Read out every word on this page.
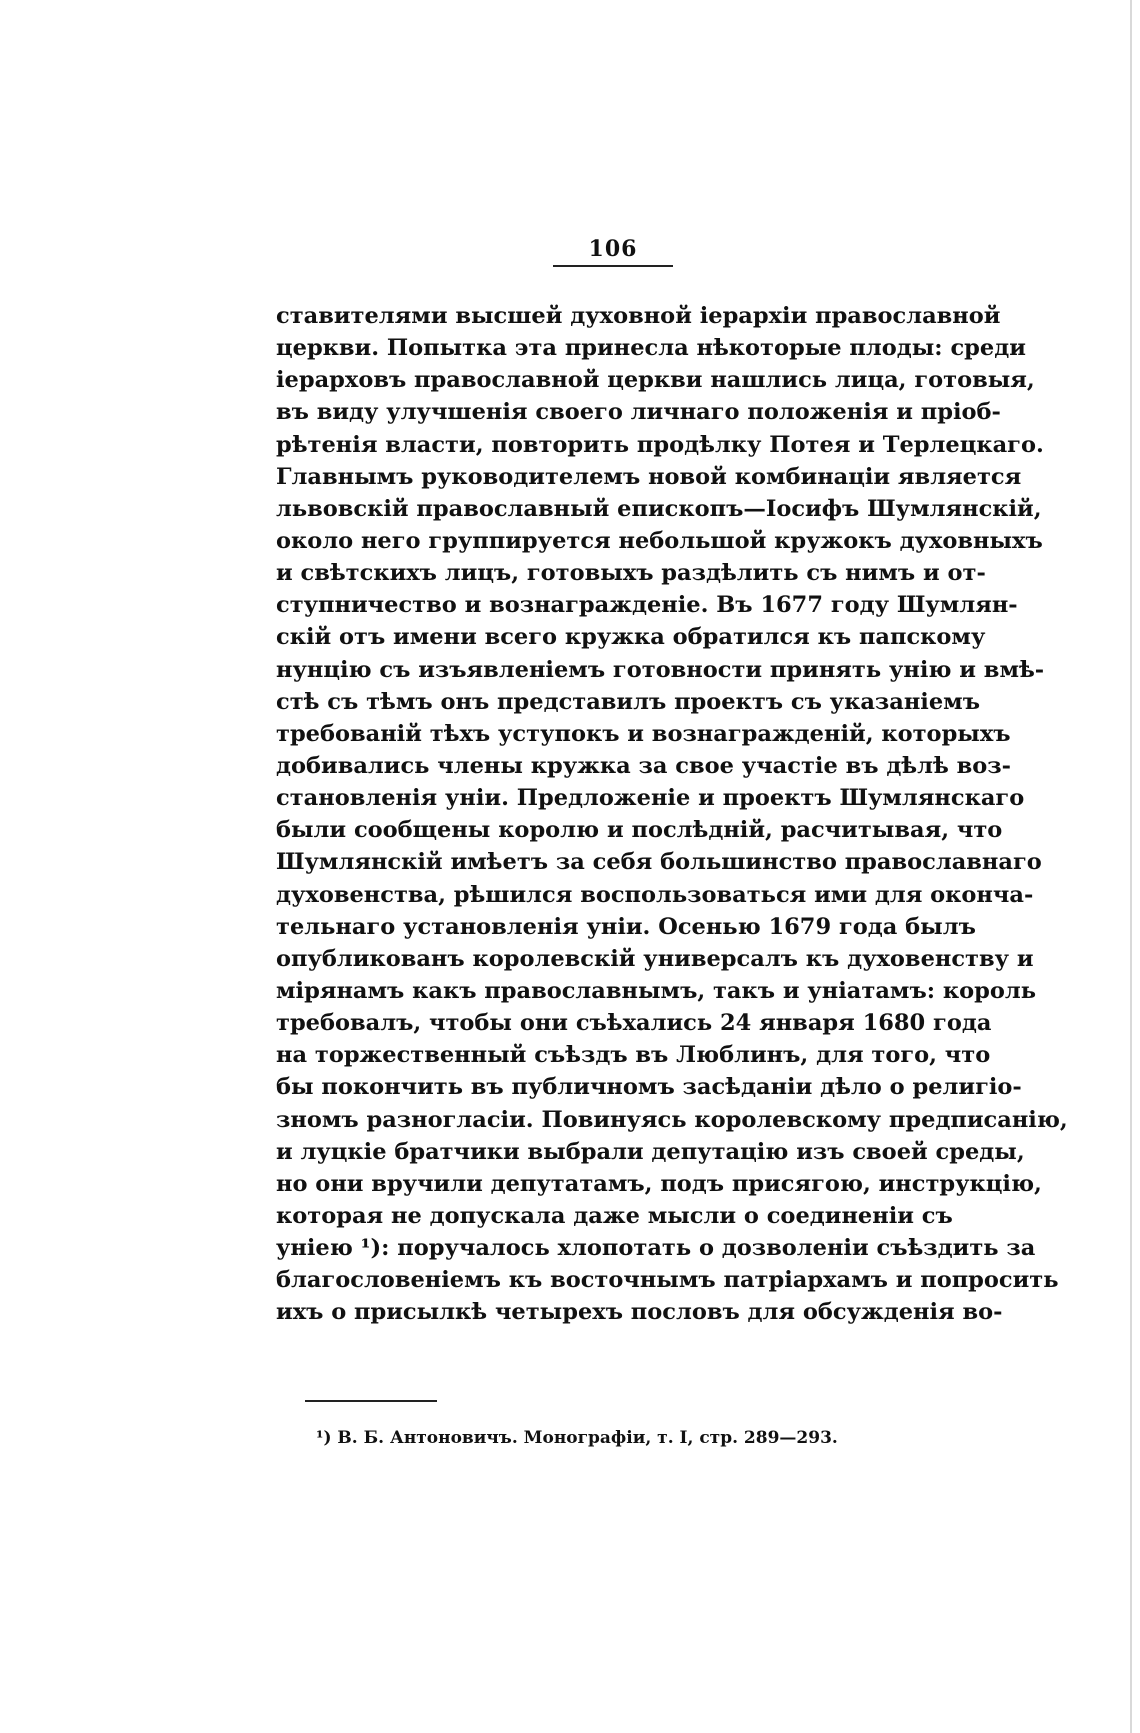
106
ставителями высшей духовной іерархіи православной
церкви. Попытка эта принесла нѣкоторые плоды: среди
іерарховъ православной церкви нашлись лица, готовыя,
въ виду улучшенія своего личнаго положенія и пріоб-
рѣтенія власти, повторить продѣлку Потея и Терлецкаго.
Главнымъ руководителемъ новой комбинаціи является
львовскій православный епископъ—Іосифъ Шумлянскій,
около него группируется небольшой кружокъ духовныхъ
и свѣтскихъ лицъ, готовыхъ раздѣлить съ нимъ и от-
ступничество и вознагражденіе. Въ 1677 году Шумлян-
скій отъ имени всего кружка обратился къ папскому
нунцію съ изъявленіемъ готовности принять унію и вмѣ-
стѣ съ тѣмъ онъ представилъ проектъ съ указаніемъ
требованій тѣхъ уступокъ и вознагражденій, которыхъ
добивались члены кружка за свое участіе въ дѣлѣ воз-
становленія уніи. Предложеніе и проектъ Шумлянскаго
были сообщены королю и послѣдній, расчитывая, что
Шумлянскій имѣетъ за себя большинство православнаго
духовенства, рѣшился воспользоваться ими для оконча-
тельнаго установленія уніи. Осенью 1679 года былъ
опубликованъ королевскій универсалъ къ духовенству и
мірянамъ какъ православнымъ, такъ и уніатамъ: король
требовалъ, чтобы они съѣхались 24 января 1680 года
на торжественный съѣздъ въ Люблинъ, для того, что
бы покончить въ публичномъ засѣданіи дѣло о религіо-
зномъ разногласіи. Повинуясь королевскому предписанію,
и луцкіе братчики выбрали депутацію изъ своей среды,
но они вручили депутатамъ, подъ присягою, инструкцію,
которая не допускала даже мысли о соединеніи съ
уніею ¹): поручалось хлопотать о дозволеніи съѣздить за
благословеніемъ къ восточнымъ патріархамъ и попросить
ихъ о присылкѣ четырехъ пословъ для обсужденія во-
¹) В. Б. Антоновичъ. Монографіи, т. I, стр. 289—293.
